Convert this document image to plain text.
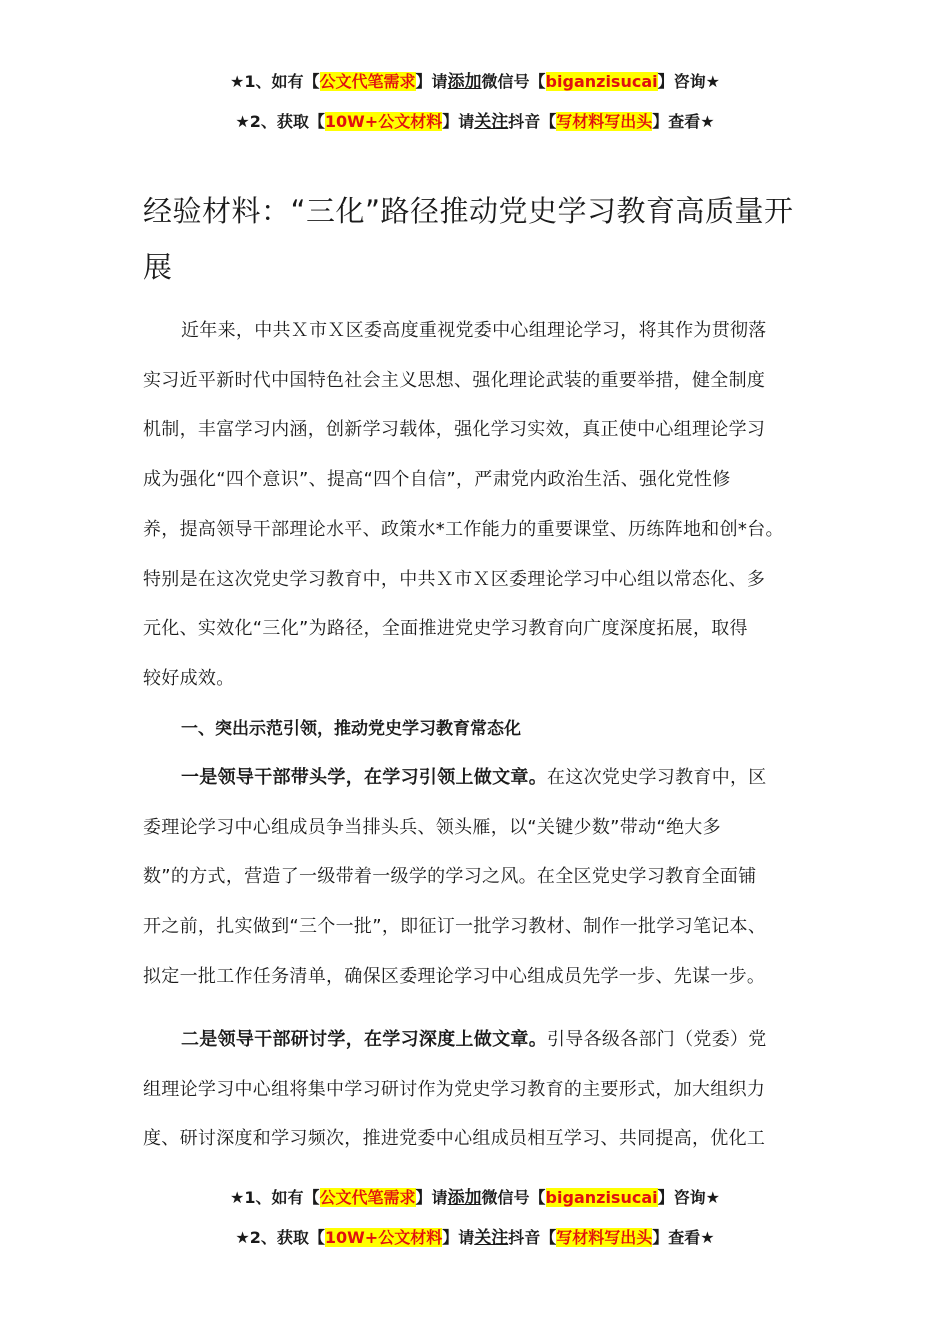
★1、如有【公文代笔需求】请添加微信号【biganzisucai】咨询★
★2、获取【10W+公文材料】请关注抖音【写材料写出头】查看★
经验材料：“三化”路径推动党史学习教育高质量开
展
近年来，中共Ｘ市Ｘ区委高度重视党委中心组理论学习，将其作为贯彻落
实习近平新时代中国特色社会主义思想、强化理论武装的重要举措，健全制度
机制，丰富学习内涵，创新学习载体，强化学习实效，真正使中心组理论学习
成为强化“四个意识”、提高“四个自信”，严肃党内政治生活、强化党性修
养，提高领导干部理论水平、政策水*工作能力的重要课堂、历练阵地和创*台。
特别是在这次党史学习教育中，中共Ｘ市Ｘ区委理论学习中心组以常态化、多
元化、实效化“三化”为路径，全面推进党史学习教育向广度深度拓展，取得
较好成效。
一、突出示范引领，推动党史学习教育常态化
一是领导干部带头学，在学习引领上做文章。在这次党史学习教育中，区
委理论学习中心组成员争当排头兵、领头雁，以“关键少数”带动“绝大多
数”的方式，营造了一级带着一级学的学习之风。在全区党史学习教育全面铺
开之前，扎实做到“三个一批”，即征订一批学习教材、制作一批学习笔记本、
拟定一批工作任务清单，确保区委理论学习中心组成员先学一步、先谋一步。
二是领导干部研讨学，在学习深度上做文章。引导各级各部门（党委）党
组理论学习中心组将集中学习研讨作为党史学习教育的主要形式，加大组织力
度、研讨深度和学习频次，推进党委中心组成员相互学习、共同提高，优化工
★1、如有【公文代笔需求】请添加微信号【biganzisucai】咨询★
★2、获取【10W+公文材料】请关注抖音【写材料写出头】查看★
